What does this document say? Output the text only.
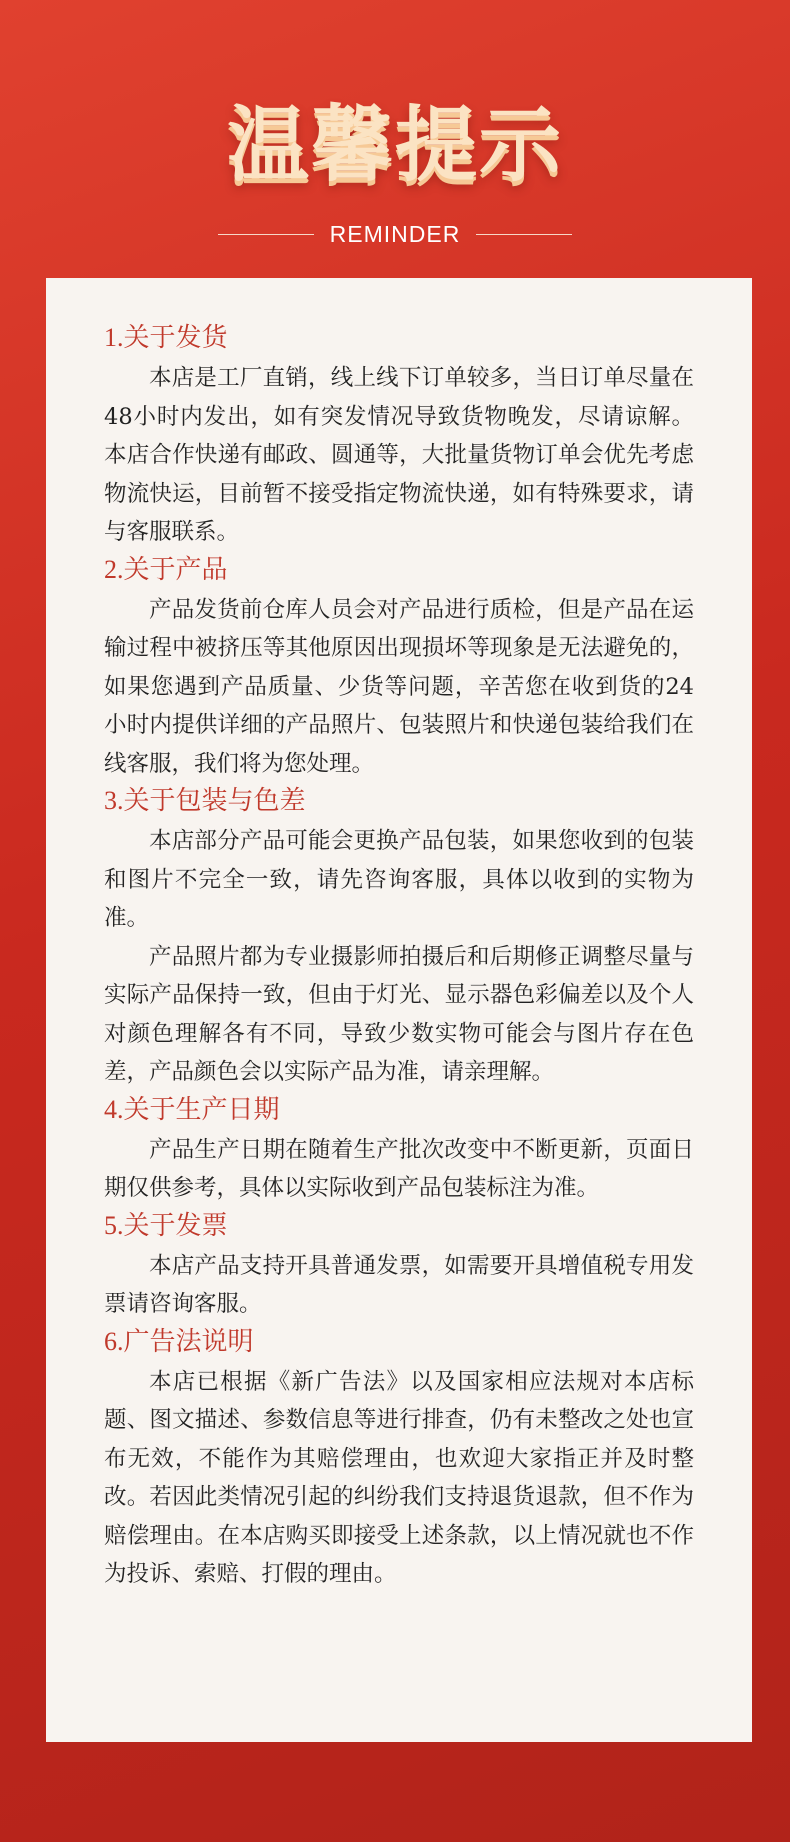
温馨提示
REMINDER
1.关于发货

本店是工厂直销，线上线下订单较多，当日订单尽量在48小时内发出，如有突发情况导致货物晚发，尽请谅解。本店合作快递有邮政、圆通等，大批量货物订单会优先考虑物流快运，目前暂不接受指定物流快递，如有特殊要求，请与客服联系。

2.关于产品

产品发货前仓库人员会对产品进行质检，但是产品在运输过程中被挤压等其他原因出现损坏等现象是无法避免的，如果您遇到产品质量、少货等问题，辛苦您在收到货的24小时内提供详细的产品照片、包装照片和快递包装给我们在线客服，我们将为您处理。

3.关于包装与色差

本店部分产品可能会更换产品包装，如果您收到的包装和图片不完全一致，请先咨询客服，具体以收到的实物为准。

产品照片都为专业摄影师拍摄后和后期修正调整尽量与实际产品保持一致，但由于灯光、显示器色彩偏差以及个人对颜色理解各有不同，导致少数实物可能会与图片存在色差，产品颜色会以实际产品为准，请亲理解。

4.关于生产日期

产品生产日期在随着生产批次改变中不断更新，页面日期仅供参考，具体以实际收到产品包装标注为准。

5.关于发票

本店产品支持开具普通发票，如需要开具增值税专用发票请咨询客服。

6.广告法说明

本店已根据《新广告法》以及国家相应法规对本店标题、图文描述、参数信息等进行排查，仍有未整改之处也宣布无效，不能作为其赔偿理由，也欢迎大家指正并及时整改。若因此类情况引起的纠纷我们支持退货退款，但不作为赔偿理由。在本店购买即接受上述条款，以上情况就也不作为投诉、索赔、打假的理由。
